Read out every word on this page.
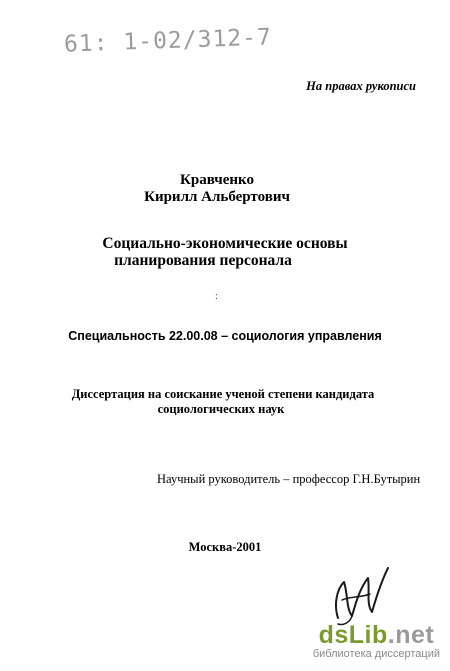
61: 1-02/312-7
На правах рукописи
Кравченко
Кирилл Альбертович
Социально-экономические основы
планирования персонала
:
Специальность 22.00.08 – социология управления
Диссертация на соискание ученой степени кандидата
социологических наук
Научный руководитель – профессор Г.Н.Бутырин
Москва-2001
dsLib.net
библиотека диссертаций
